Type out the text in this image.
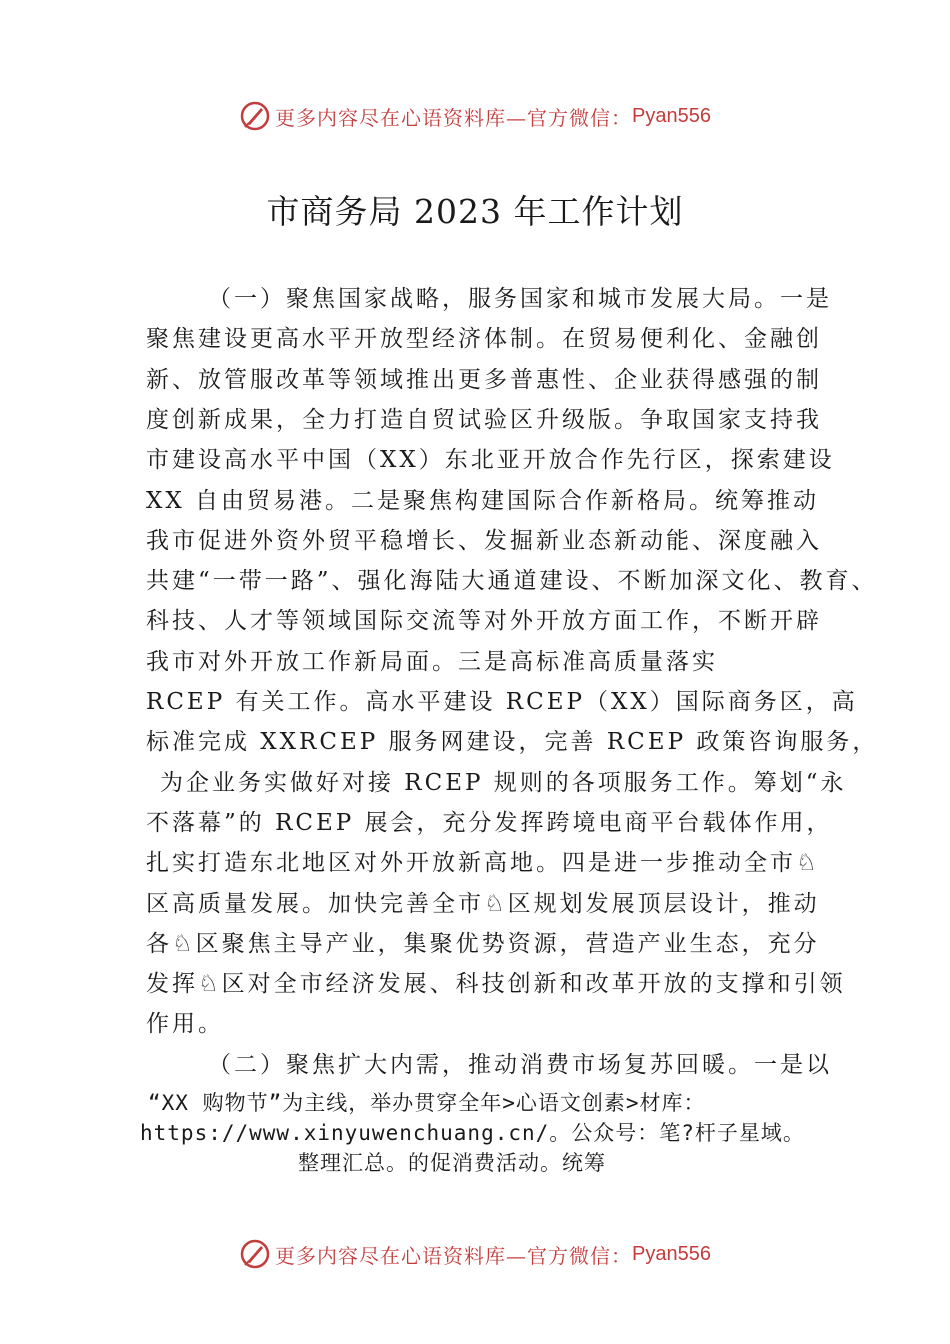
更多内容尽在心语资料库—官方微信： Pyan556
市商务局 2023 年工作计划
（一）聚焦国家战略，服务国家和城市发展大局。一是
聚焦建设更高水平开放型经济体制。在贸易便利化、金融创
新、放管服改革等领域推出更多普惠性、企业获得感强的制
度创新成果，全力打造自贸试验区升级版。争取国家支持我
市建设高水平中国（XX）东北亚开放合作先行区，探索建设
XX 自由贸易港。二是聚焦构建国际合作新格局。统筹推动
我市促进外资外贸平稳增长、发掘新业态新动能、深度融入
共建“一带一路”、强化海陆大通道建设、不断加深文化、教育、
科技、人才等领域国际交流等对外开放方面工作，不断开辟
我市对外开放工作新局面。三是高标准高质量落实
RCEP 有关工作。高水平建设 RCEP（XX）国际商务区，高
标准完成 XXRCEP 服务网建设，完善 RCEP 政策咨询服务，
为企业务实做好对接 RCEP 规则的各项服务工作。筹划“永
不落幕”的 RCEP 展会，充分发挥跨境电商平台载体作用，
扎实打造东北地区对外开放新高地。四是进一步推动全市♘
区高质量发展。加快完善全市♘区规划发展顶层设计，推动
各♘区聚焦主导产业，集聚优势资源，营造产业生态，充分
发挥♘区对全市经济发展、科技创新和改革开放的支撑和引领
作用。
（二）聚焦扩大内需，推动消费市场复苏回暖。一是以
“XX 购物节”为主线，举办贯穿全年>心语文创素>材库：
https://www.xinyuwenchuang.cn/。公众号：笔?杆子星域。
整理汇总。的促消费活动。统筹
更多内容尽在心语资料库—官方微信： Pyan556
